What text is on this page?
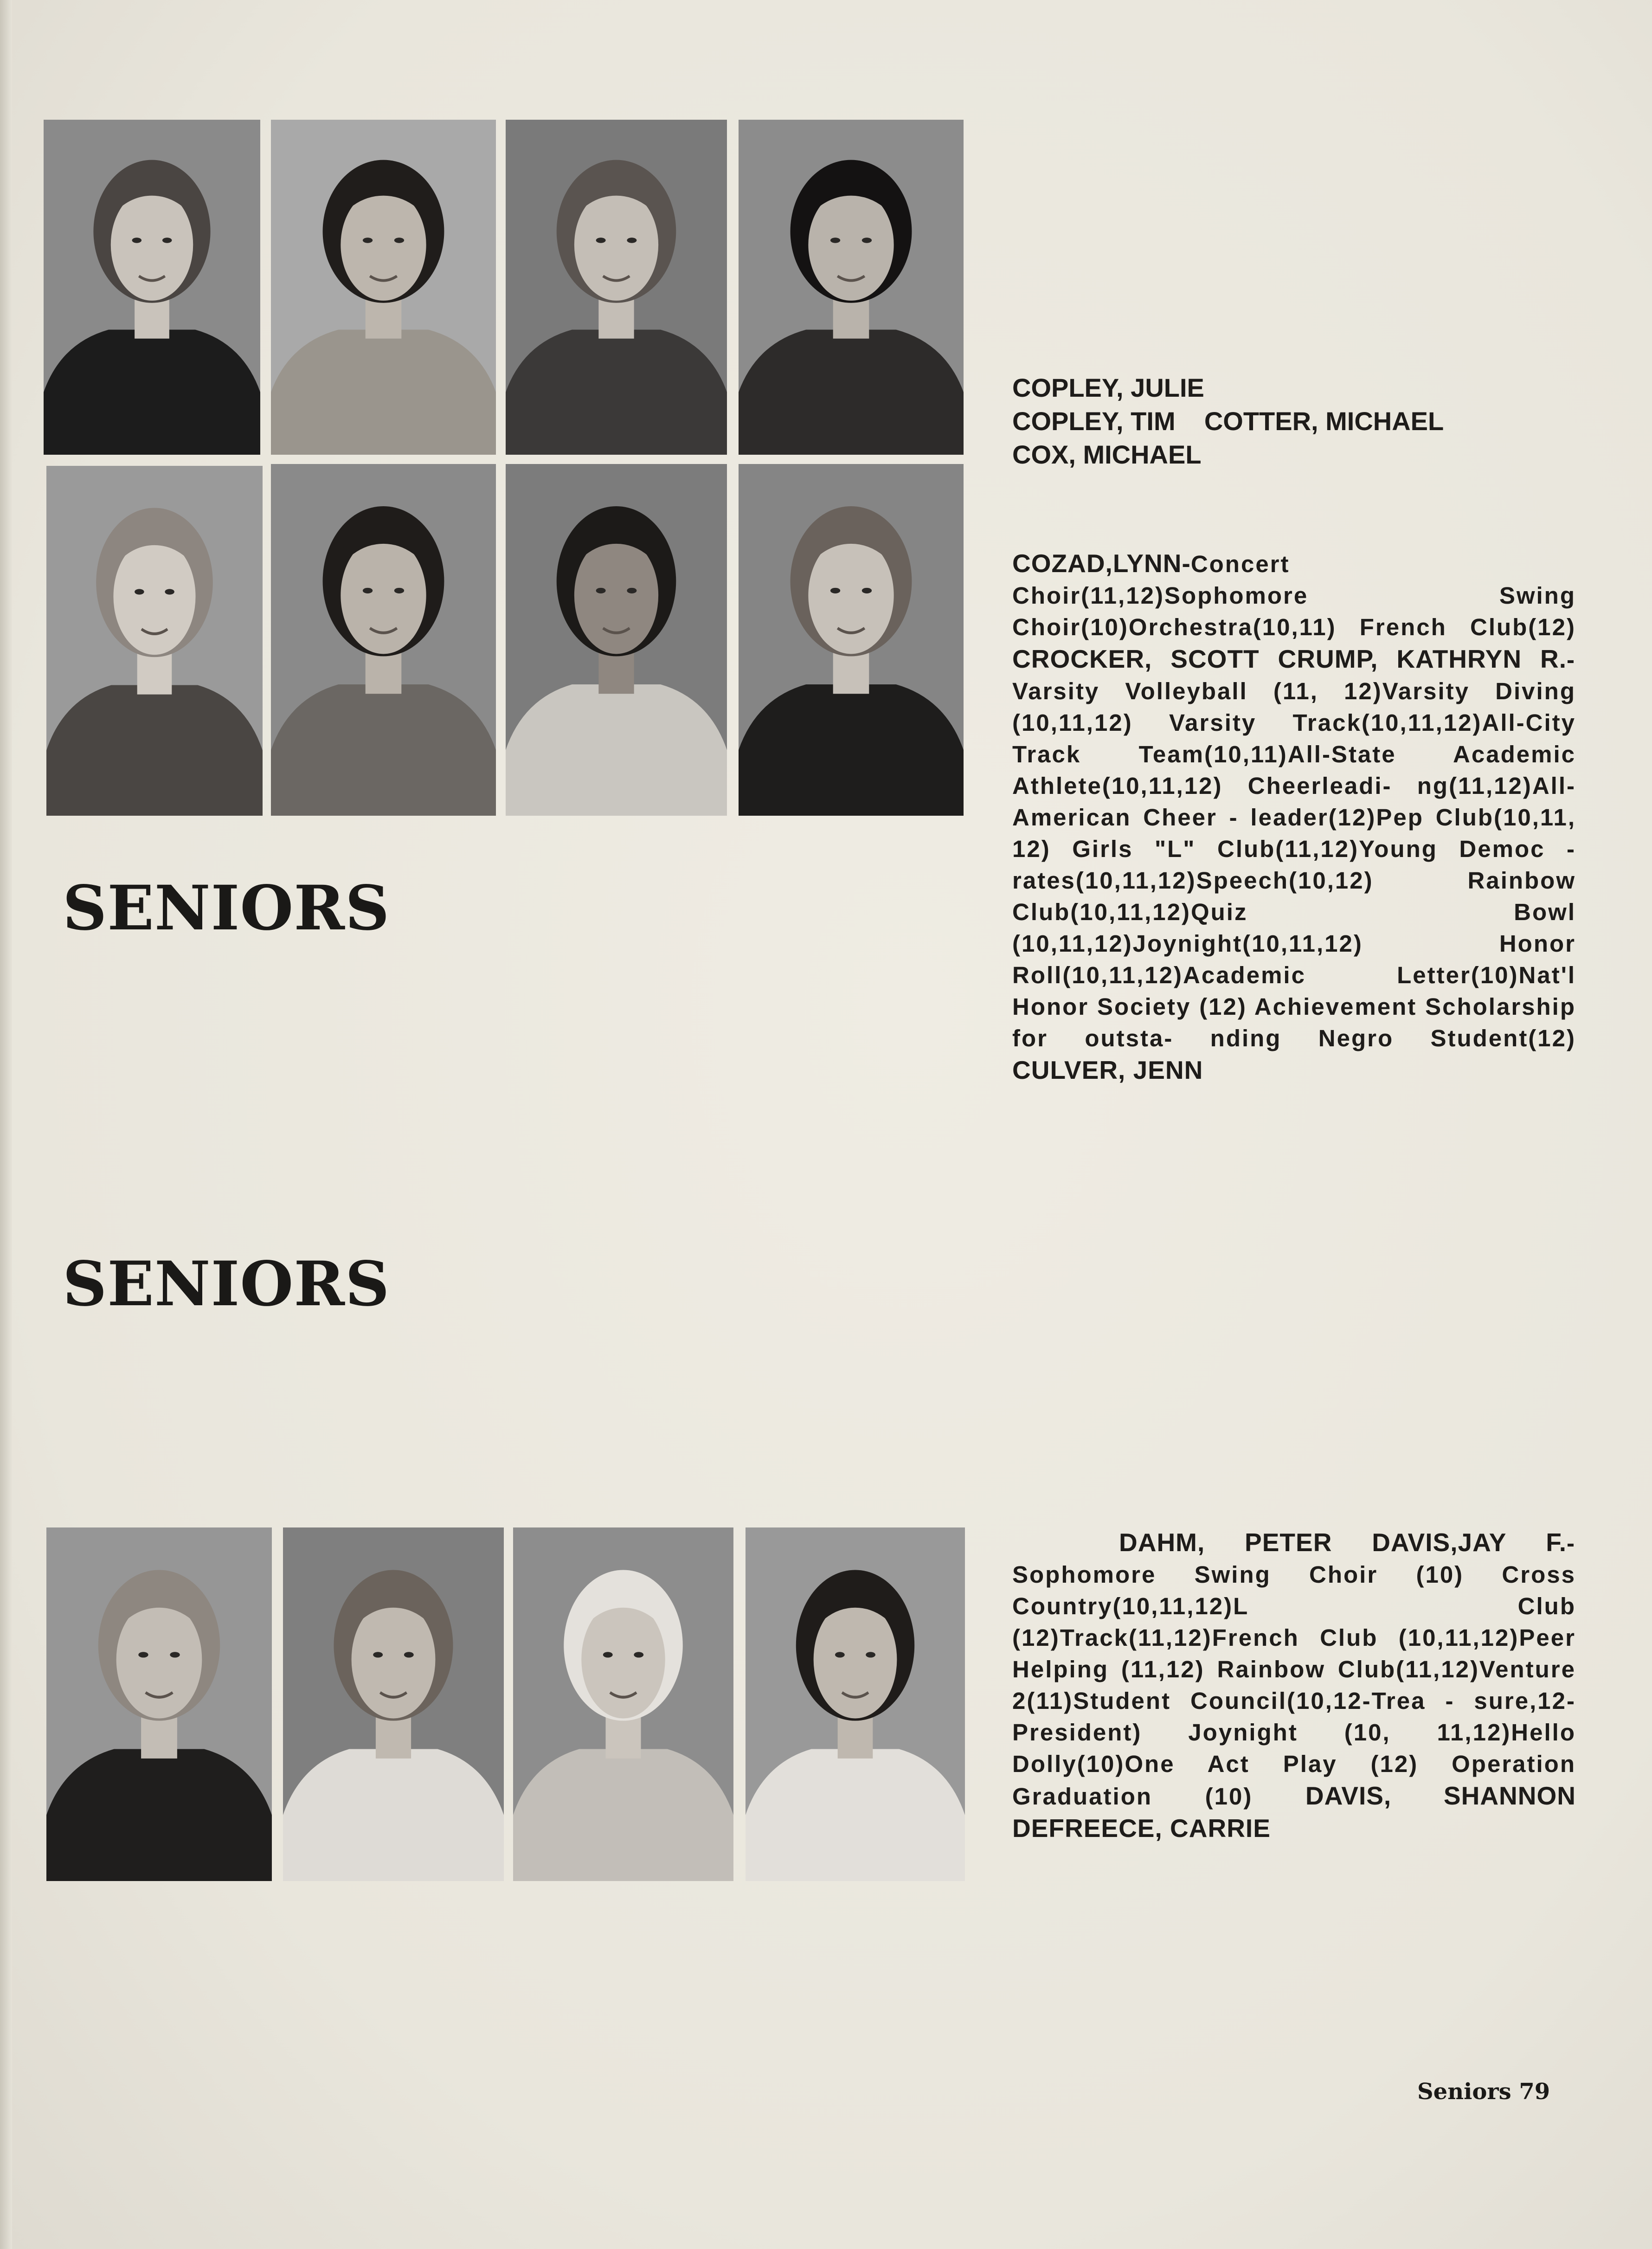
SENIORS
COPLEY, JULIE
COPLEY, TIM    COTTER, MICHAEL
COX, MICHAEL
COZAD,LYNN-Concert Choir(11,12)Sophomore Swing Choir(10)Orchestra(10,11) French Club(12) CROCKER, SCOTT CRUMP, KATHRYN R.-Varsity Volleyball (11, 12)Varsity Diving (10,11,12) Varsity Track(10,11,12)All-City Track Team(10,11)All-State Academic Athlete(10,11,12) Cheerleadi- ng(11,12)All-American Cheer - leader(12)Pep Club(10,11, 12) Girls "L" Club(11,12)Young Democ - rates(10,11,12)Speech(10,12) Rainbow Club(10,11,12)Quiz Bowl (10,11,12)Joynight(10,11,12) Honor Roll(10,11,12)Academic Letter(10)Nat'l Honor Society (12) Achievement Scholarship for outsta- nding Negro Student(12) CULVER, JENN
SENIORS
DAHM, PETER DAVIS,JAY F.- Sophomore Swing Choir (10) Cross Country(10,11,12)L Club (12)Track(11,12)French Club (10,11,12)Peer Helping (11,12) Rainbow Club(11,12)Venture 2(11)Student Council(10,12-Trea - sure,12-President) Joynight (10, 11,12)Hello Dolly(10)One Act Play (12) Operation Graduation (10) DAVIS, SHANNON DEFREECE, CARRIE
Seniors 79
